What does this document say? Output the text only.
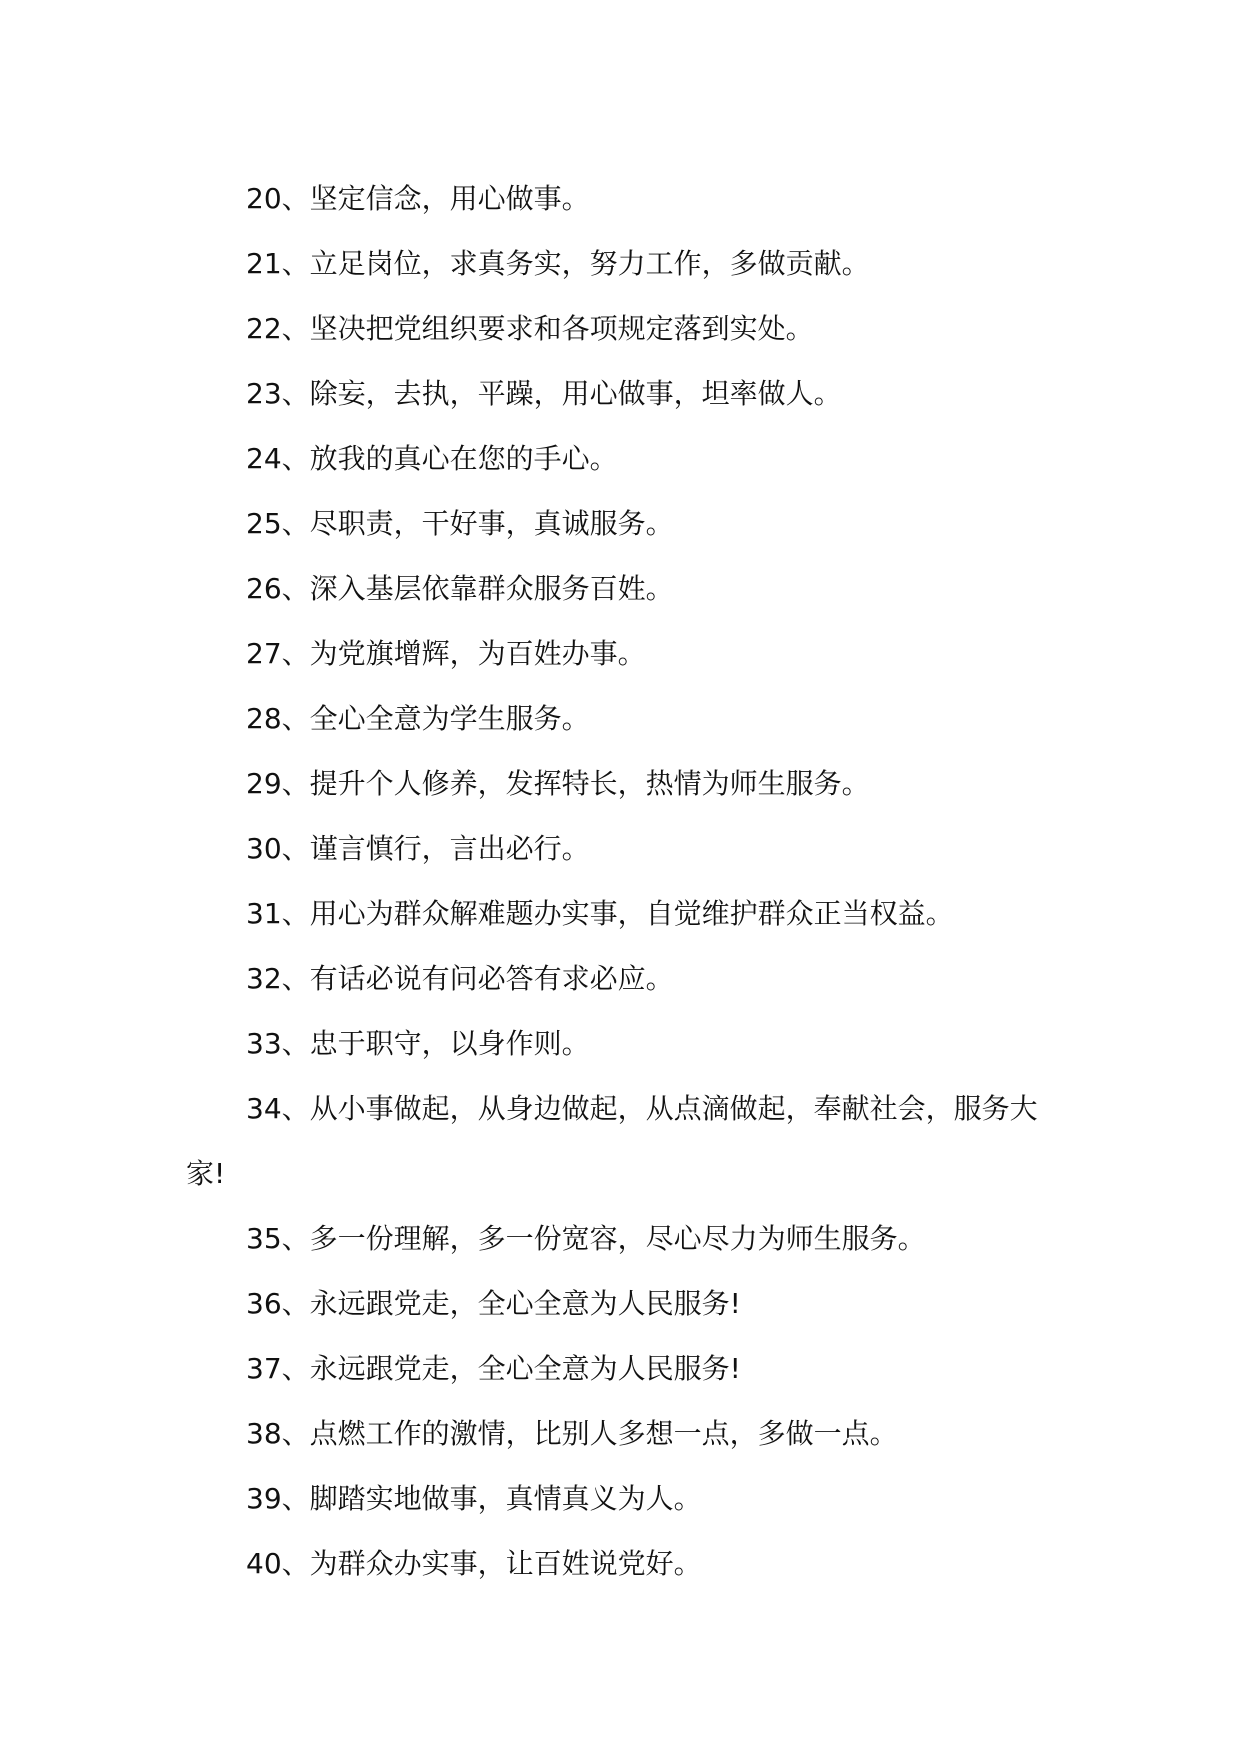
20、坚定信念，用心做事。

21、立足岗位，求真务实，努力工作，多做贡献。

22、坚决把党组织要求和各项规定落到实处。

23、除妄，去执，平躁，用心做事，坦率做人。

24、放我的真心在您的手心。

25、尽职责，干好事，真诚服务。

26、深入基层依靠群众服务百姓。

27、为党旗增辉，为百姓办事。

28、全心全意为学生服务。

29、提升个人修养，发挥特长，热情为师生服务。

30、谨言慎行，言出必行。

31、用心为群众解难题办实事，自觉维护群众正当权益。

32、有话必说有问必答有求必应。

33、忠于职守，以身作则。

34、从小事做起，从身边做起，从点滴做起，奉献社会，服务大家!

35、多一份理解，多一份宽容，尽心尽力为师生服务。

36、永远跟党走，全心全意为人民服务!

37、永远跟党走，全心全意为人民服务!

38、点燃工作的激情，比别人多想一点，多做一点。

39、脚踏实地做事，真情真义为人。

40、为群众办实事，让百姓说党好。
